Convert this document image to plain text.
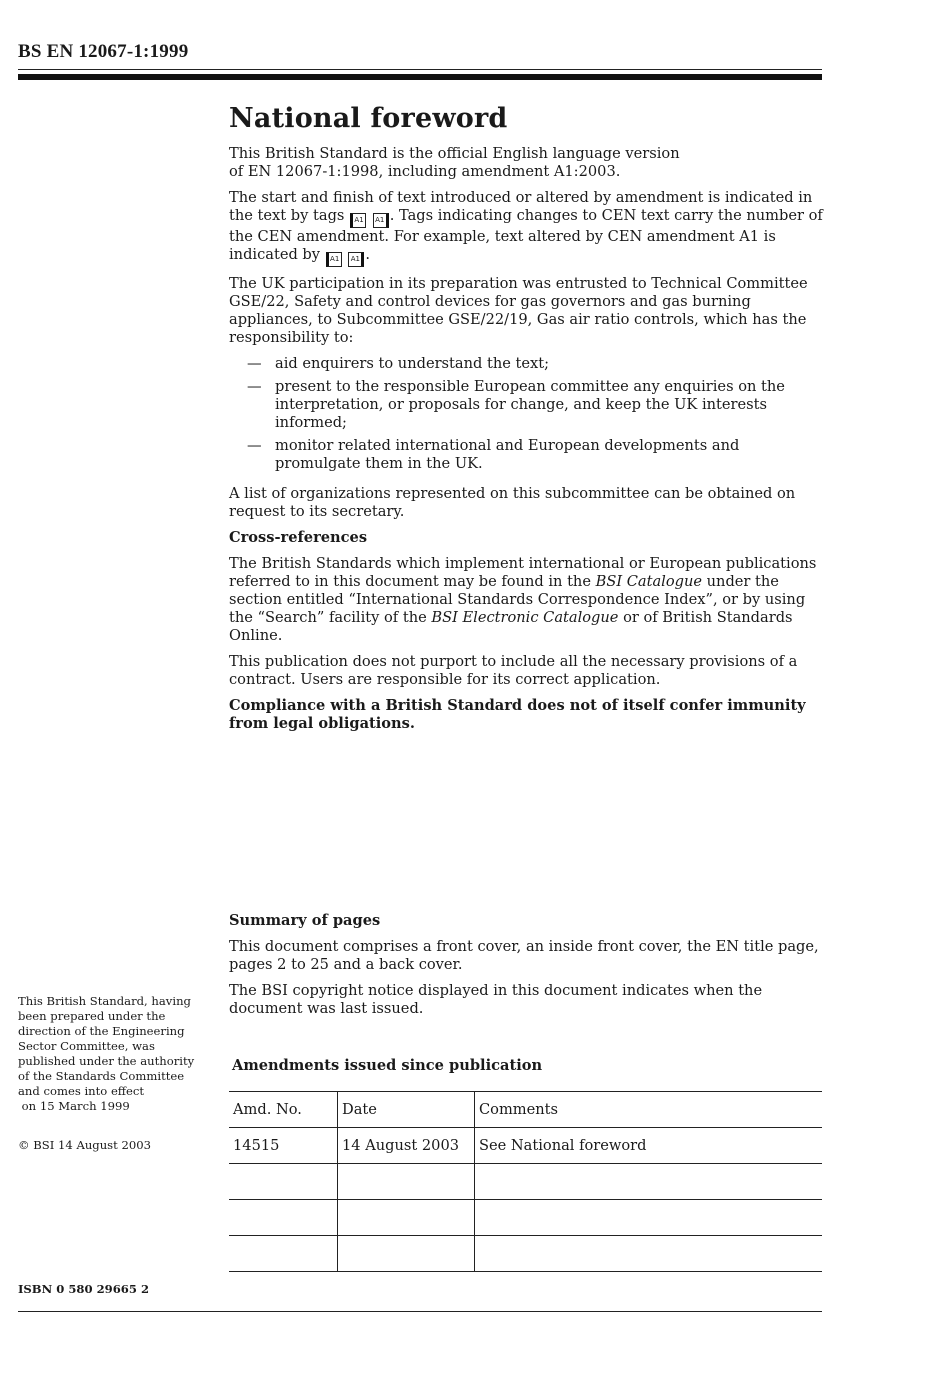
BS EN 12067-1:1999
National foreword

This British Standard is the official English language version
of EN 12067-1:1998, including amendment A1:2003.

The start and finish of text introduced or altered by amendment is indicated in the text by tags A1 A1 . Tags indicating changes to CEN text carry the number of the CEN amendment. For example, text altered by CEN amendment A1 is indicated by A1 A1 .

The UK participation in its preparation was entrusted to Technical Committee GSE/22, Safety and control devices for gas governors and gas burning appliances, to Subcommittee GSE/22/19, Gas air ratio controls, which has the responsibility to:

— aid enquirers to understand the text;
— present to the responsible European committee any enquiries on the interpretation, or proposals for change, and keep the UK interests informed;
— monitor related international and European developments and promulgate them in the UK.

A list of organizations represented on this subcommittee can be obtained on request to its secretary.

Cross-references

The British Standards which implement international or European publications referred to in this document may be found in the BSI Catalogue under the section entitled “International Standards Correspondence Index”, or by using the “Search” facility of the BSI Electronic Catalogue or of British Standards Online.

This publication does not purport to include all the necessary provisions of a contract. Users are responsible for its correct application.

Compliance with a British Standard does not of itself confer immunity from legal obligations.

Summary of pages

This document comprises a front cover, an inside front cover, the EN title page, pages 2 to 25 and a back cover.

The BSI copyright notice displayed in this document indicates when the document was last issued.

This British Standard, having

been prepared under the

direction of the Engineering

Sector Committee, was

published under the authority

of the Standards Committee

and comes into effect

on 15 March 1999

© BSI 14 August 2003
ISBN 0 580 29665 2
Amendments issued since publication
Amd. No.	Date	Comments
14515	14 August 2003	See National foreword
